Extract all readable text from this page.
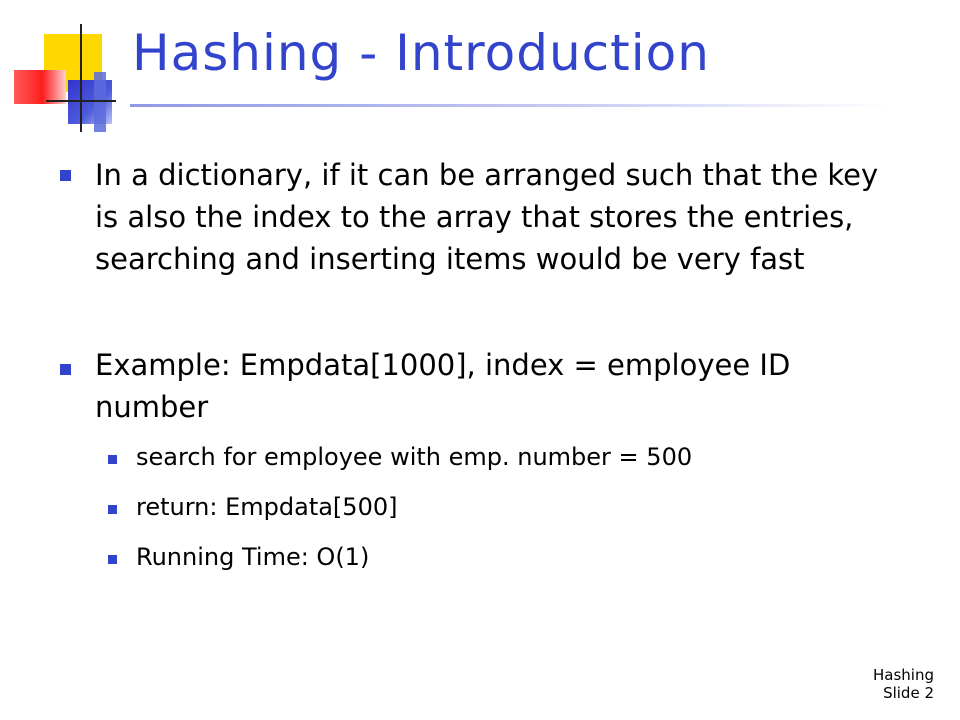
Hashing - Introduction
In a dictionary, if it can be arranged such that the key is also the index to the array that stores the entries, searching and inserting items would be very fast
Example: Empdata[1000], index = employee ID number
search for employee with emp. number = 500
return: Empdata[500]
Running Time: O(1)
Hashing
Slide 2
